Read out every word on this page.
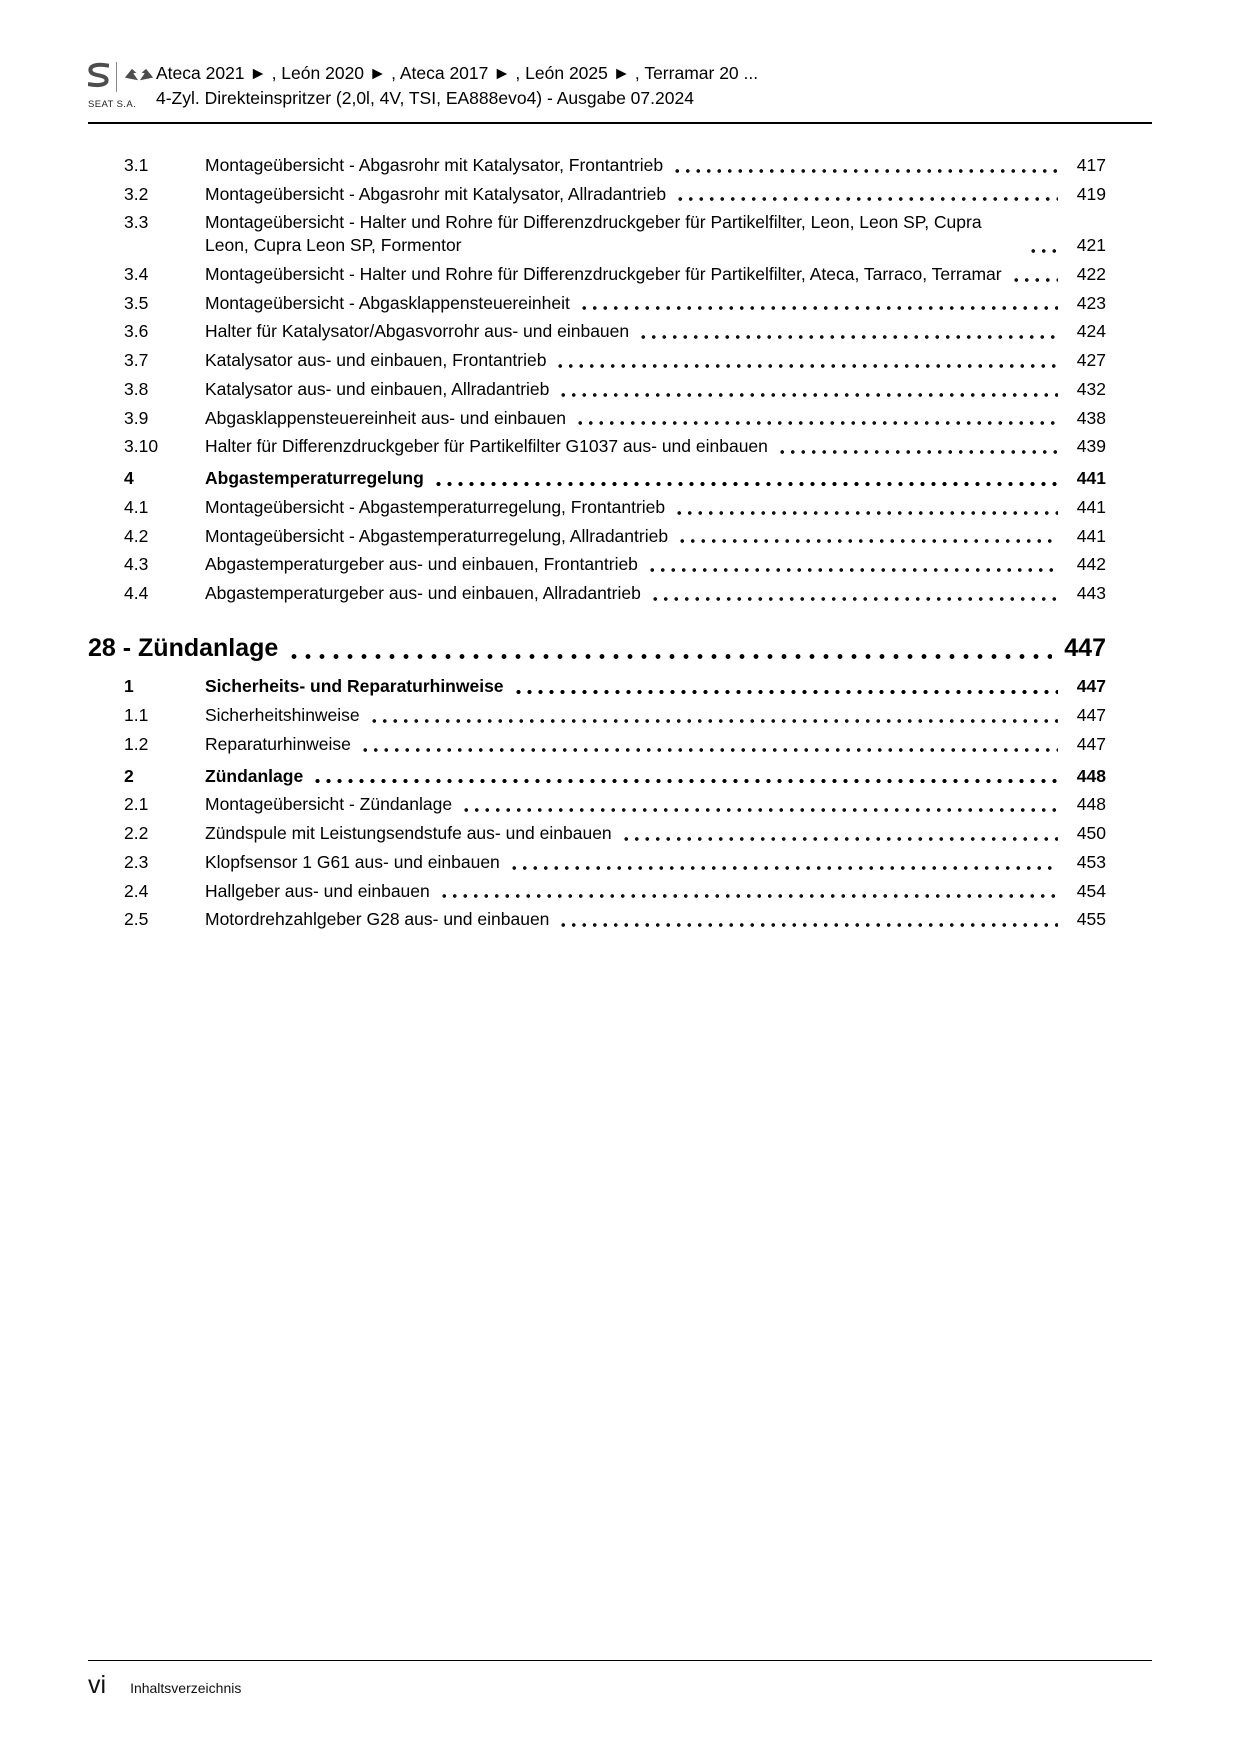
SEAT S.A.
Ateca 2021 ► , León 2020 ► , Ateca 2017 ► , León 2025 ► , Terramar 20 ...
4-Zyl. Direkteinspritzer (2,0l, 4V, TSI, EA888evo4) - Ausgabe 07.2024
3.1	Montageübersicht - Abgasrohr mit Katalysator, Frontantrieb	417
3.2	Montageübersicht - Abgasrohr mit Katalysator, Allradantrieb	419
3.3	Montageübersicht - Halter und Rohre für Differenzdruckgeber für Partikelfilter, Leon, Leon SP, Cupra Leon, Cupra Leon SP, Formentor	421
3.4	Montageübersicht - Halter und Rohre für Differenzdruckgeber für Partikelfilter, Ateca, Tarraco, Terramar	422
3.5	Montageübersicht - Abgasklappensteuereinheit	423
3.6	Halter für Katalysator/Abgasvorrohr aus- und einbauen	424
3.7	Katalysator aus- und einbauen, Frontantrieb	427
3.8	Katalysator aus- und einbauen, Allradantrieb	432
3.9	Abgasklappensteuereinheit aus- und einbauen	438
3.10	Halter für Differenzdruckgeber für Partikelfilter G1037 aus- und einbauen	439
4	Abgastemperaturregelung	441
4.1	Montageübersicht - Abgastemperaturregelung, Frontantrieb	441
4.2	Montageübersicht - Abgastemperaturregelung, Allradantrieb	441
4.3	Abgastemperaturgeber aus- und einbauen, Frontantrieb	442
4.4	Abgastemperaturgeber aus- und einbauen, Allradantrieb	443
28 - Zündanlage	447
1	Sicherheits- und Reparaturhinweise	447
1.1	Sicherheitshinweise	447
1.2	Reparaturhinweise	447
2	Zündanlage	448
2.1	Montageübersicht - Zündanlage	448
2.2	Zündspule mit Leistungsendstufe aus- und einbauen	450
2.3	Klopfsensor 1 G61 aus- und einbauen	453
2.4	Hallgeber aus- und einbauen	454
2.5	Motordrehzahlgeber G28 aus- und einbauen	455
vi Inhaltsverzeichnis
